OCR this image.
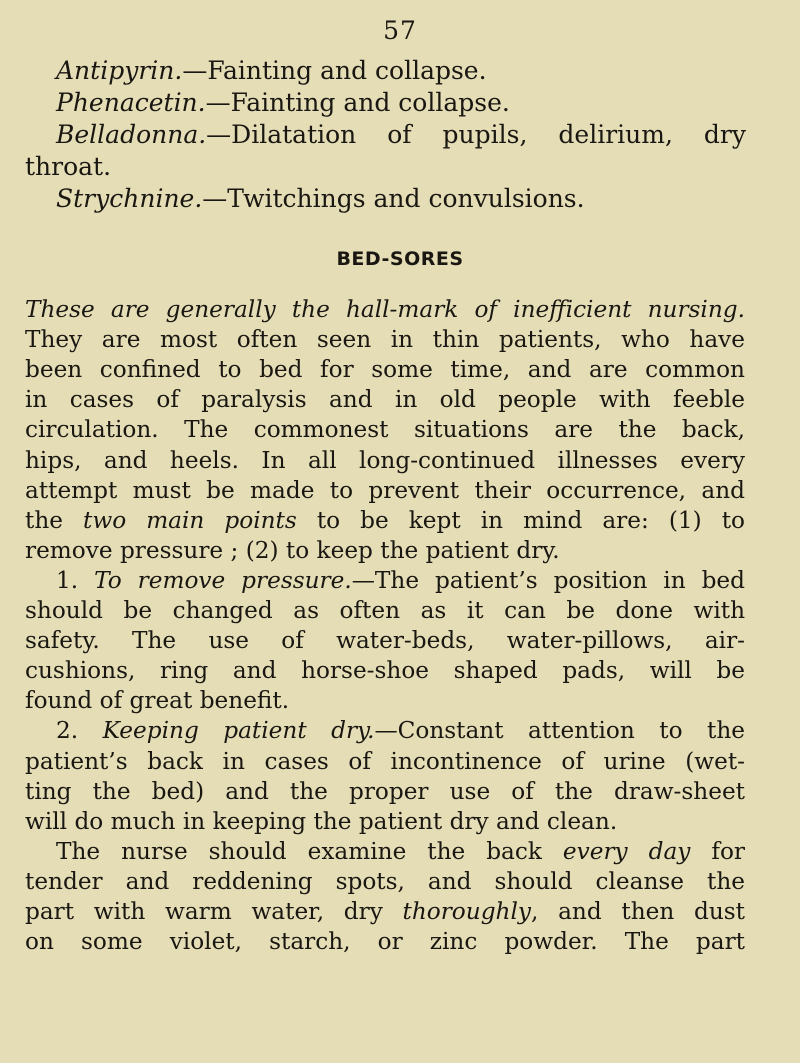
57
Antipyrin.—Fainting and collapse.
Phenacetin.—Fainting and collapse.
Belladonna.—Dilatation of pupils, delirium, dry
throat.
Strychnine.—Twitchings and convulsions.
BED-SORES
These are generally the hall-mark of inefficient nursing.
They are most often seen in thin patients, who have
been confined to bed for some time, and are common
in cases of paralysis and in old people with feeble
circulation. The commonest situations are the back,
hips, and heels. In all long-continued illnesses every
attempt must be made to prevent their occurrence, and
the two main points to be kept in mind are: (1) to
remove pressure ; (2) to keep the patient dry.
1. To remove pressure.—The patient’s position in bed
should be changed as often as it can be done with
safety. The use of water-beds, water-pillows, air-
cushions, ring and horse-shoe shaped pads, will be
found of great benefit.
2. Keeping patient dry.—Constant attention to the
patient’s back in cases of incontinence of urine (wet-
ting the bed) and the proper use of the draw-sheet
will do much in keeping the patient dry and clean.
The nurse should examine the back every day for
tender and reddening spots, and should cleanse the
part with warm water, dry thoroughly, and then dust
on some violet, starch, or zinc powder. The part
